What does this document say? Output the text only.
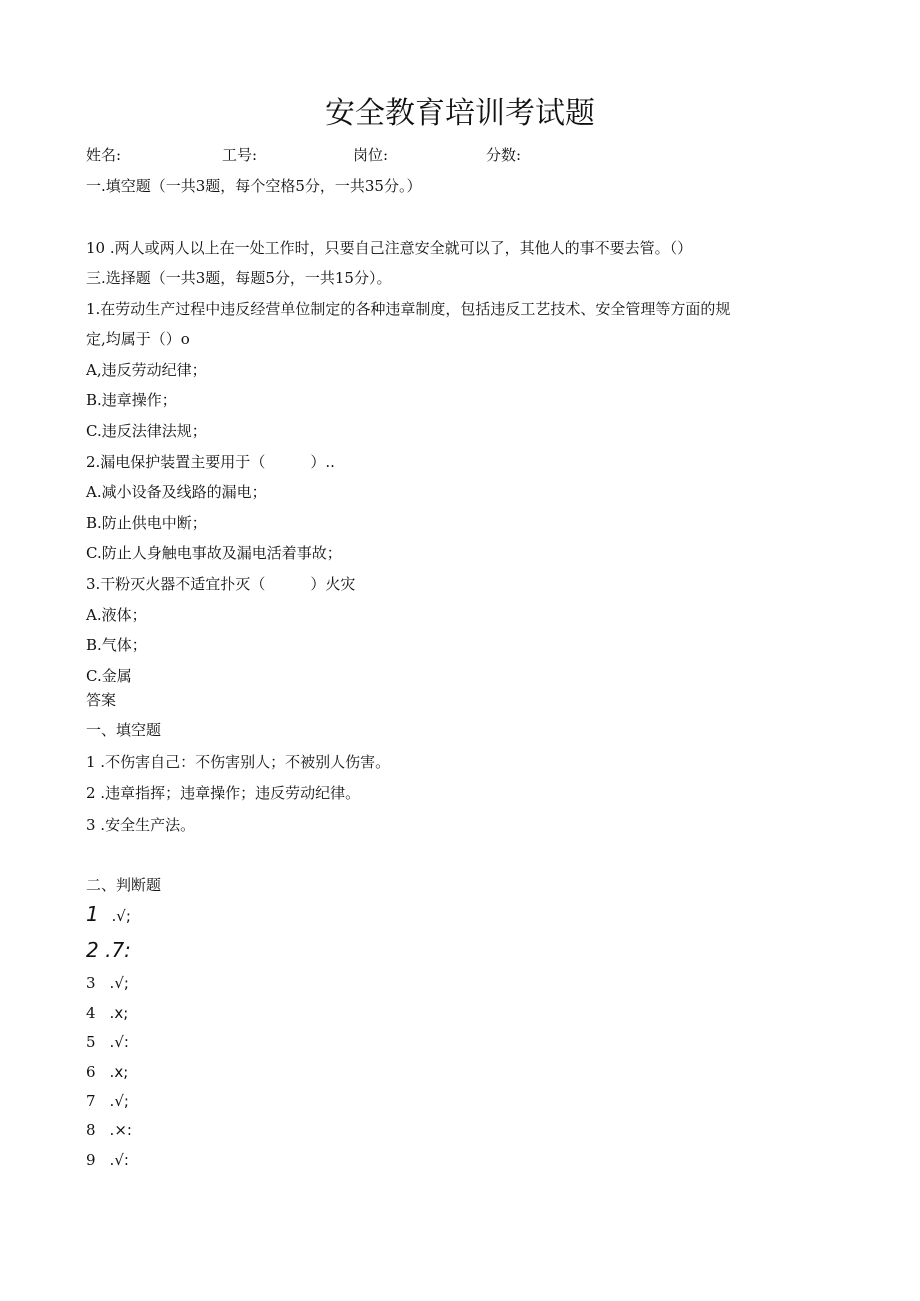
安全教育培训考试题
姓名:	工号:	岗位:	分数:
一.填空题（一共3题，每个空格5分，一共35分。）
10 .两人或两人以上在一处工作时，只要自己注意安全就可以了，其他人的事不要去管。（）
三.选择题（一共3题，每题5分，一共15分）。
1.在劳动生产过程中违反经营单位制定的各种违章制度，包括违反工艺技术、安全管理等方面的规
定,均属于（）o
A,违反劳动纪律；
B.违章操作；
C.违反法律法规；
2.漏电保护装置主要用于（　　　）..
A.减小设备及线路的漏电；
B.防止供电中断；
C.防止人身触电事故及漏电活着事故；
3.干粉灭火器不适宜扑灭（　　　）火灾
A.液体；
B.气体；
C.金属
答案
一、填空题
1 .不伤害自己：不伤害别人；不被别人伤害。
2 .违章指挥；违章操作；违反劳动纪律。
3 .安全生产法。
二、判断题
1 .√;
2 .7:
3 .√;
4 .x;
5 .√:
6 .x;
7 .√;
8 .×:
9 .√:
